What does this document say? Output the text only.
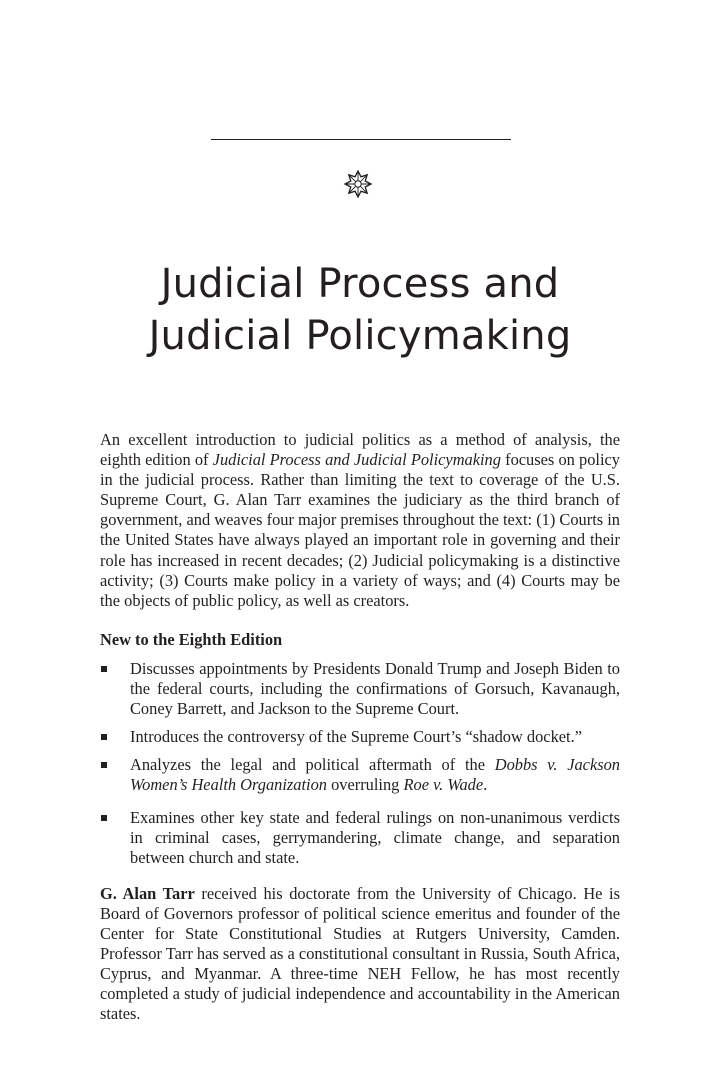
Judicial Process and Judicial Policymaking

An excellent introduction to judicial politics as a method of analysis, the eighth edition of Judicial Process and Judicial Policymaking focuses on policy in the judicial process. Rather than limiting the text to coverage of the U.S. Supreme Court, G. Alan Tarr examines the judiciary as the third branch of government, and weaves four major premises throughout the text: (1) Courts in the United States have always played an important role in governing and their role has increased in recent decades; (2) Judicial policymaking is a distinctive activity; (3) Courts make policy in a variety of ways; and (4) Courts may be the objects of public policy, as well as creators.

New to the Eighth Edition

Discusses appointments by Presidents Donald Trump and Joseph Biden to the federal courts, including the confirmations of Gorsuch, Kavanaugh, Coney Barrett, and Jackson to the Supreme Court.
Introduces the controversy of the Supreme Court’s “shadow docket.”
Analyzes the legal and political aftermath of the Dobbs v. Jackson Women’s Health Organization overruling Roe v. Wade.
Examines other key state and federal rulings on non-unanimous verdicts in criminal cases, gerrymandering, climate change, and separation between church and state.

G. Alan Tarr received his doctorate from the University of Chicago. He is Board of Governors professor of political science emeritus and founder of the Center for State Constitutional Studies at Rutgers University, Camden. Professor Tarr has served as a constitutional consultant in Russia, South Africa, Cyprus, and Myanmar. A three-time NEH Fellow, he has most recently completed a study of judicial independence and accountability in the American states.
